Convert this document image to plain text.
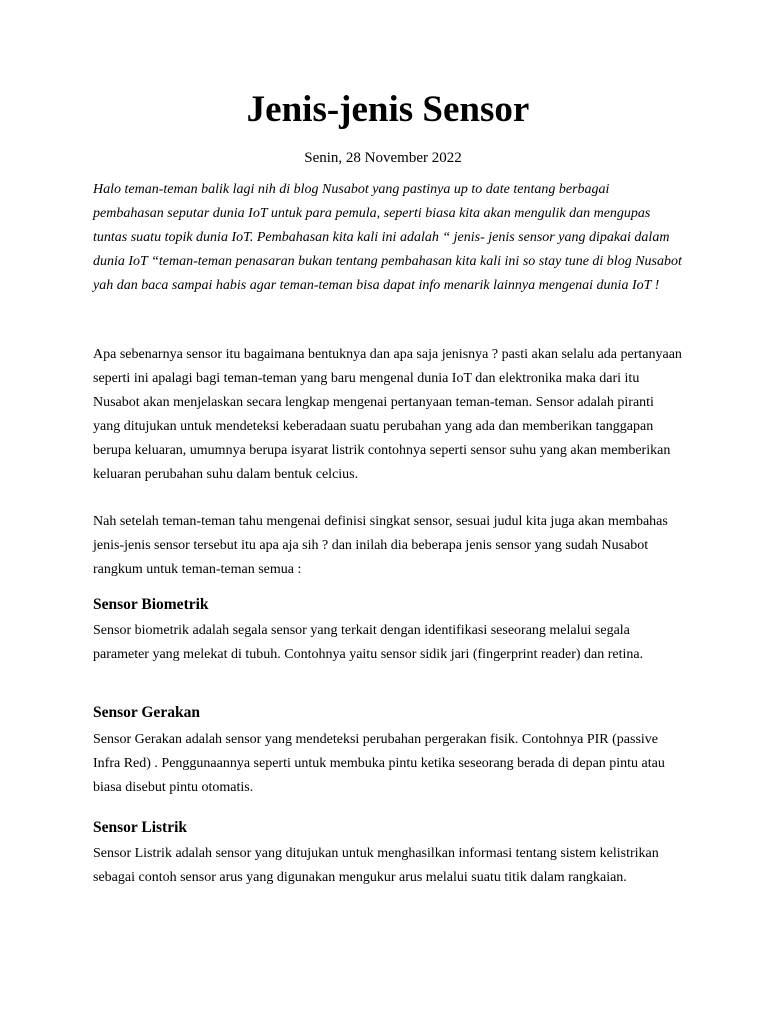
Jenis-jenis Sensor

Senin, 28 November 2022

Halo teman-teman balik lagi nih di blog Nusabot yang pastinya up to date tentang berbagai pembahasan seputar dunia IoT untuk para pemula, seperti biasa kita akan mengulik dan mengupas tuntas suatu topik dunia IoT. Pembahasan kita kali ini adalah “ jenis- jenis sensor yang dipakai dalam dunia IoT “teman-teman penasaran bukan tentang pembahasan kita kali ini so stay tune di blog Nusabot yah dan baca sampai habis agar teman-teman bisa dapat info menarik lainnya mengenai dunia IoT !

Apa sebenarnya sensor itu bagaimana bentuknya dan apa saja jenisnya ? pasti akan selalu ada pertanyaan seperti ini apalagi bagi teman-teman yang baru mengenal dunia IoT dan elektronika maka dari itu Nusabot akan menjelaskan secara lengkap mengenai pertanyaan teman-teman. Sensor adalah piranti yang ditujukan untuk mendeteksi keberadaan suatu perubahan yang ada dan memberikan tanggapan berupa keluaran, umumnya berupa isyarat listrik contohnya seperti sensor suhu yang akan memberikan keluaran perubahan suhu dalam bentuk celcius.

Nah setelah teman-teman tahu mengenai definisi singkat sensor, sesuai judul kita juga akan membahas jenis-jenis sensor tersebut itu apa aja sih ? dan inilah dia beberapa jenis sensor yang sudah Nusabot rangkum untuk teman-teman semua :

Sensor Biometrik

Sensor biometrik adalah segala sensor yang terkait dengan identifikasi seseorang melalui segala parameter yang melekat di tubuh. Contohnya yaitu sensor sidik jari (fingerprint reader) dan retina.

Sensor Gerakan

Sensor Gerakan adalah sensor yang mendeteksi perubahan pergerakan fisik. Contohnya PIR (passive Infra Red) . Penggunaannya seperti untuk membuka pintu ketika seseorang berada di depan pintu atau biasa disebut pintu otomatis.

Sensor Listrik

Sensor Listrik adalah sensor yang ditujukan untuk menghasilkan informasi tentang sistem kelistrikan sebagai contoh sensor arus yang digunakan mengukur arus melalui suatu titik dalam rangkaian.
